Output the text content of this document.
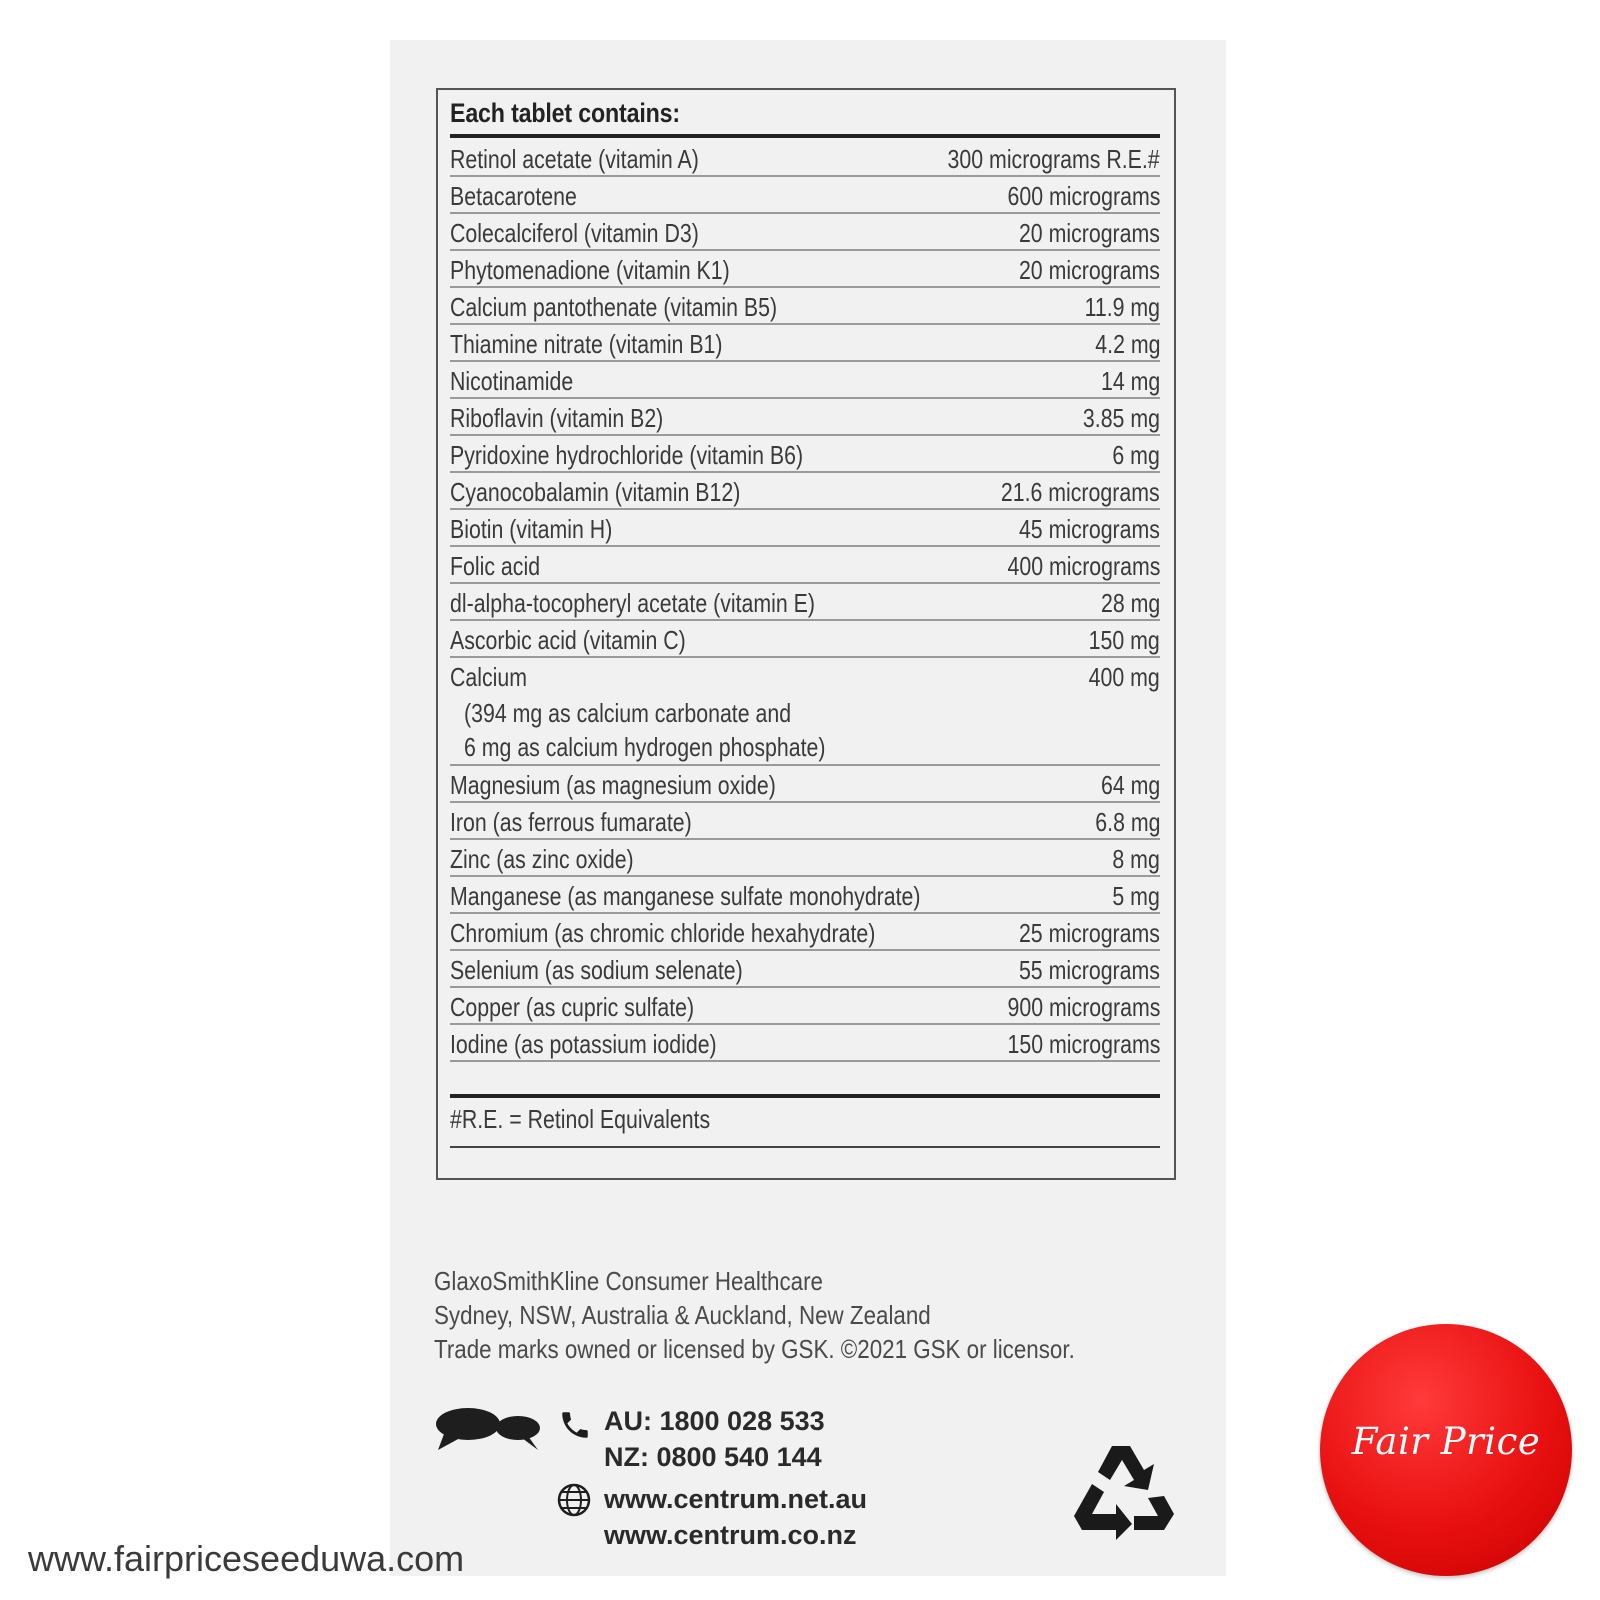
Each tablet contains:
Retinol acetate (vitamin A)	300 micrograms R.E.#
Betacarotene	600 micrograms
Colecalciferol (vitamin D3)	20 micrograms
Phytomenadione (vitamin K1)	20 micrograms
Calcium pantothenate (vitamin B5)	11.9 mg
Thiamine nitrate (vitamin B1)	4.2 mg
Nicotinamide	14 mg
Riboflavin (vitamin B2)	3.85 mg
Pyridoxine hydrochloride (vitamin B6)	6 mg
Cyanocobalamin (vitamin B12)	21.6 micrograms
Biotin (vitamin H)	45 micrograms
Folic acid	400 micrograms
dl-alpha-tocopheryl acetate (vitamin E)	28 mg
Ascorbic acid (vitamin C)	150 mg
Calcium	400 mg
(394 mg as calcium carbonate and
6 mg as calcium hydrogen phosphate)
Magnesium (as magnesium oxide)	64 mg
Iron (as ferrous fumarate)	6.8 mg
Zinc (as zinc oxide)	8 mg
Manganese (as manganese sulfate monohydrate)	5 mg
Chromium (as chromic chloride hexahydrate)	25 micrograms
Selenium (as sodium selenate)	55 micrograms
Copper (as cupric sulfate)	900 micrograms
Iodine (as potassium iodide)	150 micrograms
#R.E. = Retinol Equivalents
GlaxoSmithKline Consumer Healthcare
Sydney, NSW, Australia & Auckland, New Zealand
Trade marks owned or licensed by GSK. ©2021 GSK or licensor.
AU: 1800 028 533
NZ: 0800 540 144
www.centrum.net.au
www.centrum.co.nz
www.fairpriceseeduwa.com
Fair Price
